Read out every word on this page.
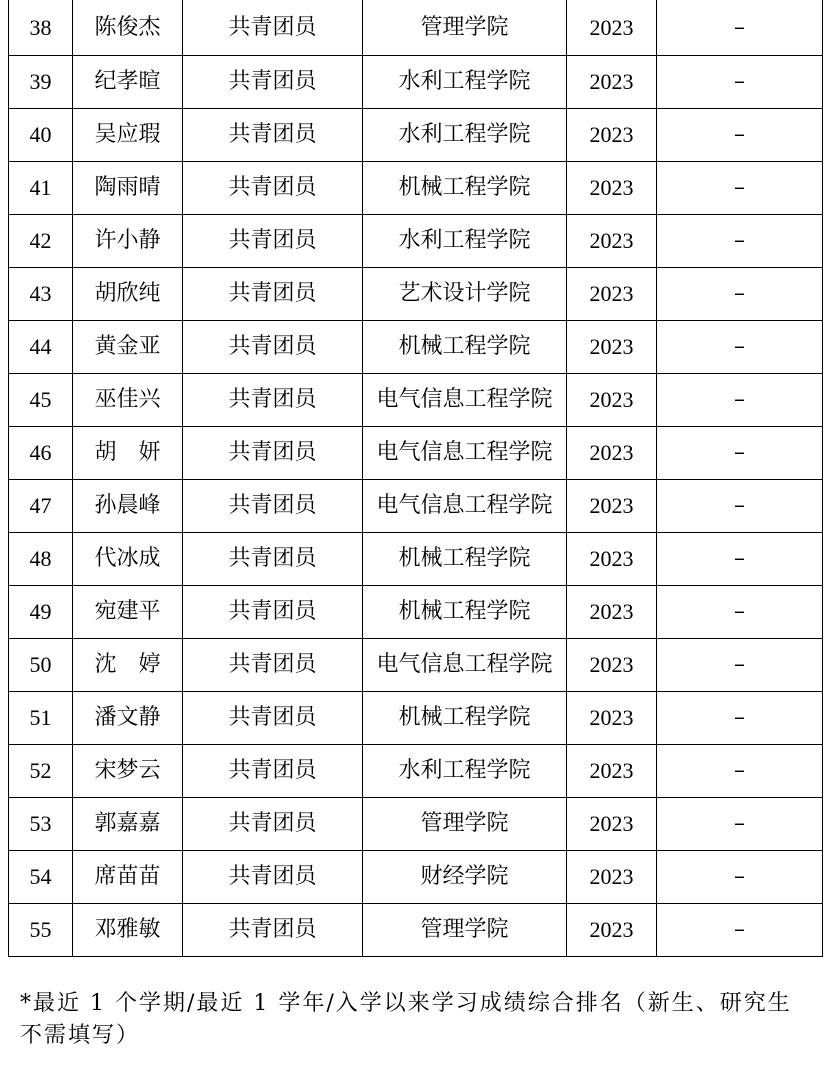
38	陈俊杰	共青团员	管理学院	2023	–
39	纪孝暄	共青团员	水利工程学院	2023	–
40	吴应瑕	共青团员	水利工程学院	2023	–
41	陶雨晴	共青团员	机械工程学院	2023	–
42	许小静	共青团员	水利工程学院	2023	–
43	胡欣纯	共青团员	艺术设计学院	2023	–
44	黄金亚	共青团员	机械工程学院	2023	–
45	巫佳兴	共青团员	电气信息工程学院	2023	–
46	胡　妍	共青团员	电气信息工程学院	2023	–
47	孙晨峰	共青团员	电气信息工程学院	2023	–
48	代冰成	共青团员	机械工程学院	2023	–
49	宛建平	共青团员	机械工程学院	2023	–
50	沈　婷	共青团员	电气信息工程学院	2023	–
51	潘文静	共青团员	机械工程学院	2023	–
52	宋梦云	共青团员	水利工程学院	2023	–
53	郭嘉嘉	共青团员	管理学院	2023	–
54	席苗苗	共青团员	财经学院	2023	–
55	邓雅敏	共青团员	管理学院	2023	–
*最近 1 个学期/最近 1 学年/入学以来学习成绩综合排名（新生、研究生不需填写）
